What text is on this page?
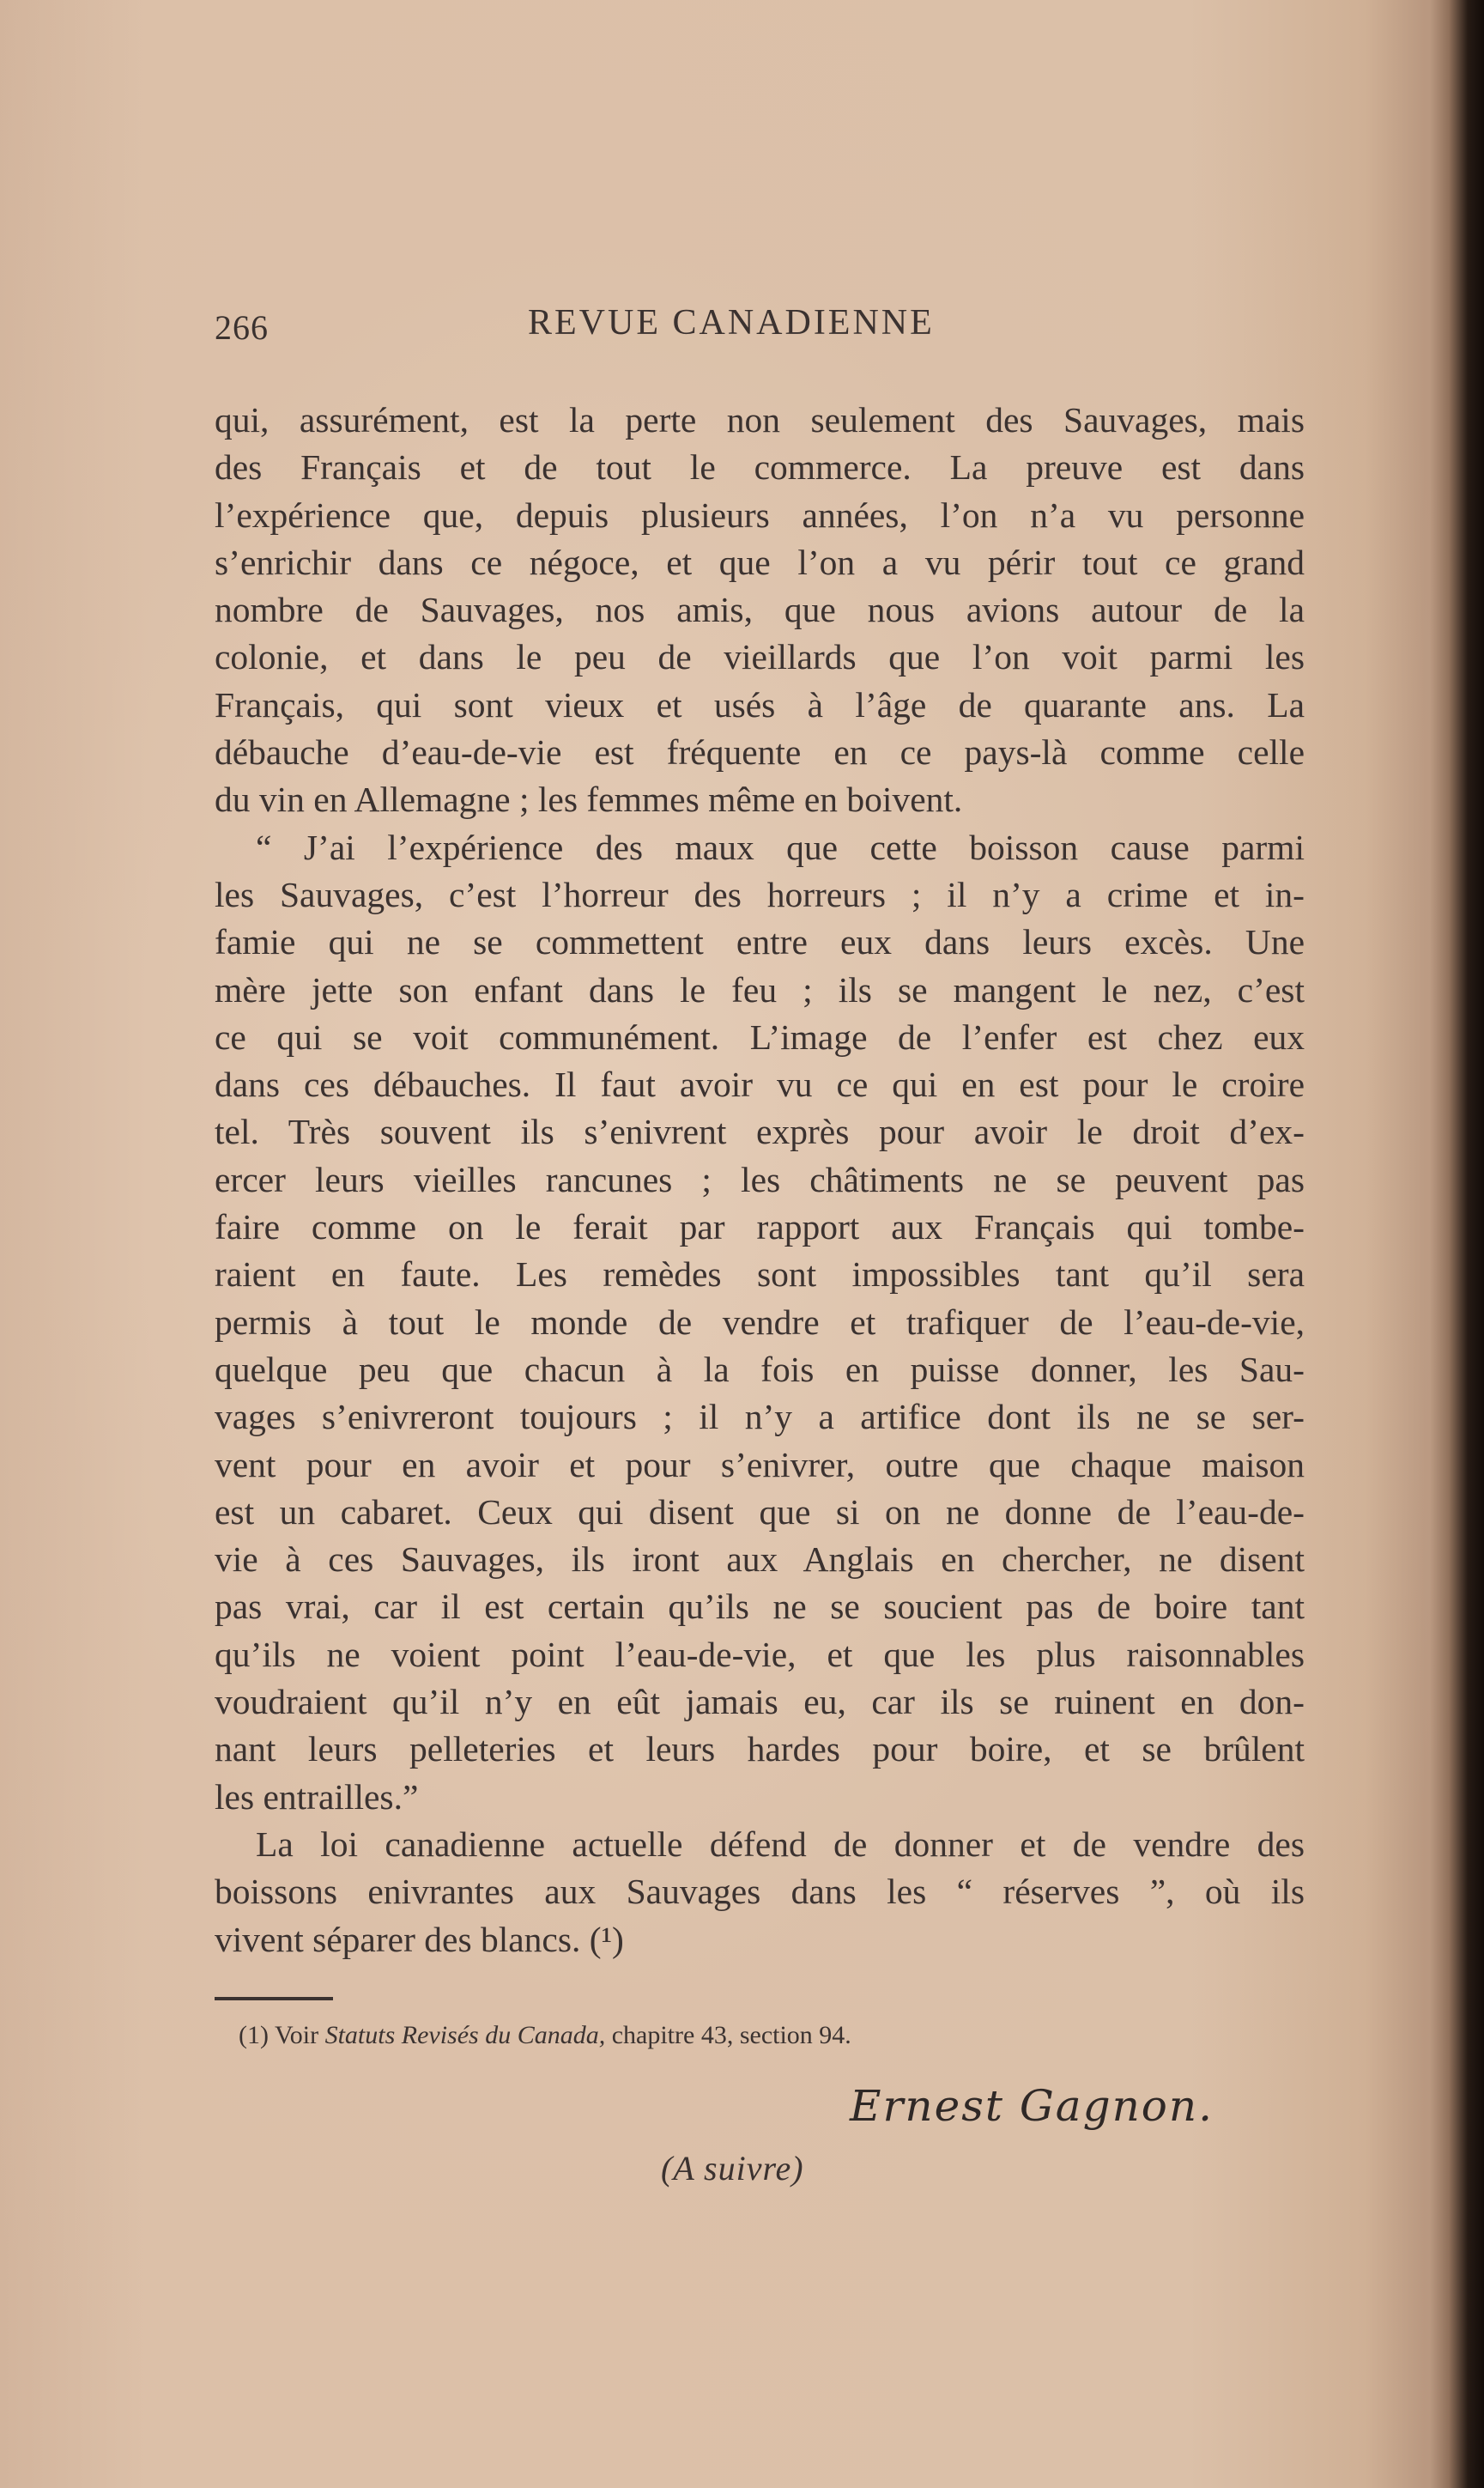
266	REVUE CANADIENNE
qui, assurément, est la perte non seulement des Sauvages, mais
des Français et de tout le commerce. La preuve est dans
l’expérience que, depuis plusieurs années, l’on n’a vu personne
s’enrichir dans ce négoce, et que l’on a vu périr tout ce grand
nombre de Sauvages, nos amis, que nous avions autour de la
colonie, et dans le peu de vieillards que l’on voit parmi les
Français, qui sont vieux et usés à l’âge de quarante ans. La
débauche d’eau-de-vie est fréquente en ce pays-là comme celle
du vin en Allemagne ; les femmes même en boivent.
“ J’ai l’expérience des maux que cette boisson cause parmi
les Sauvages, c’est l’horreur des horreurs ; il n’y a crime et in-
famie qui ne se commettent entre eux dans leurs excès. Une
mère jette son enfant dans le feu ; ils se mangent le nez, c’est
ce qui se voit communément. L’image de l’enfer est chez eux
dans ces débauches. Il faut avoir vu ce qui en est pour le croire
tel. Très souvent ils s’enivrent exprès pour avoir le droit d’ex-
ercer leurs vieilles rancunes ; les châtiments ne se peuvent pas
faire comme on le ferait par rapport aux Français qui tombe-
raient en faute. Les remèdes sont impossibles tant qu’il sera
permis à tout le monde de vendre et trafiquer de l’eau-de-vie,
quelque peu que chacun à la fois en puisse donner, les Sau-
vages s’enivreront toujours ; il n’y a artifice dont ils ne se ser-
vent pour en avoir et pour s’enivrer, outre que chaque maison
est un cabaret. Ceux qui disent que si on ne donne de l’eau-de-
vie à ces Sauvages, ils iront aux Anglais en chercher, ne disent
pas vrai, car il est certain qu’ils ne se soucient pas de boire tant
qu’ils ne voient point l’eau-de-vie, et que les plus raisonnables
voudraient qu’il n’y en eût jamais eu, car ils se ruinent en don-
nant leurs pelleteries et leurs hardes pour boire, et se brûlent
les entrailles.”
La loi canadienne actuelle défend de donner et de vendre des
boissons enivrantes aux Sauvages dans les “ réserves ”, où ils
vivent séparer des blancs. (¹)
(1) Voir Statuts Revisés du Canada, chapitre 43, section 94.
Ernest Gagnon.
(A suivre)
